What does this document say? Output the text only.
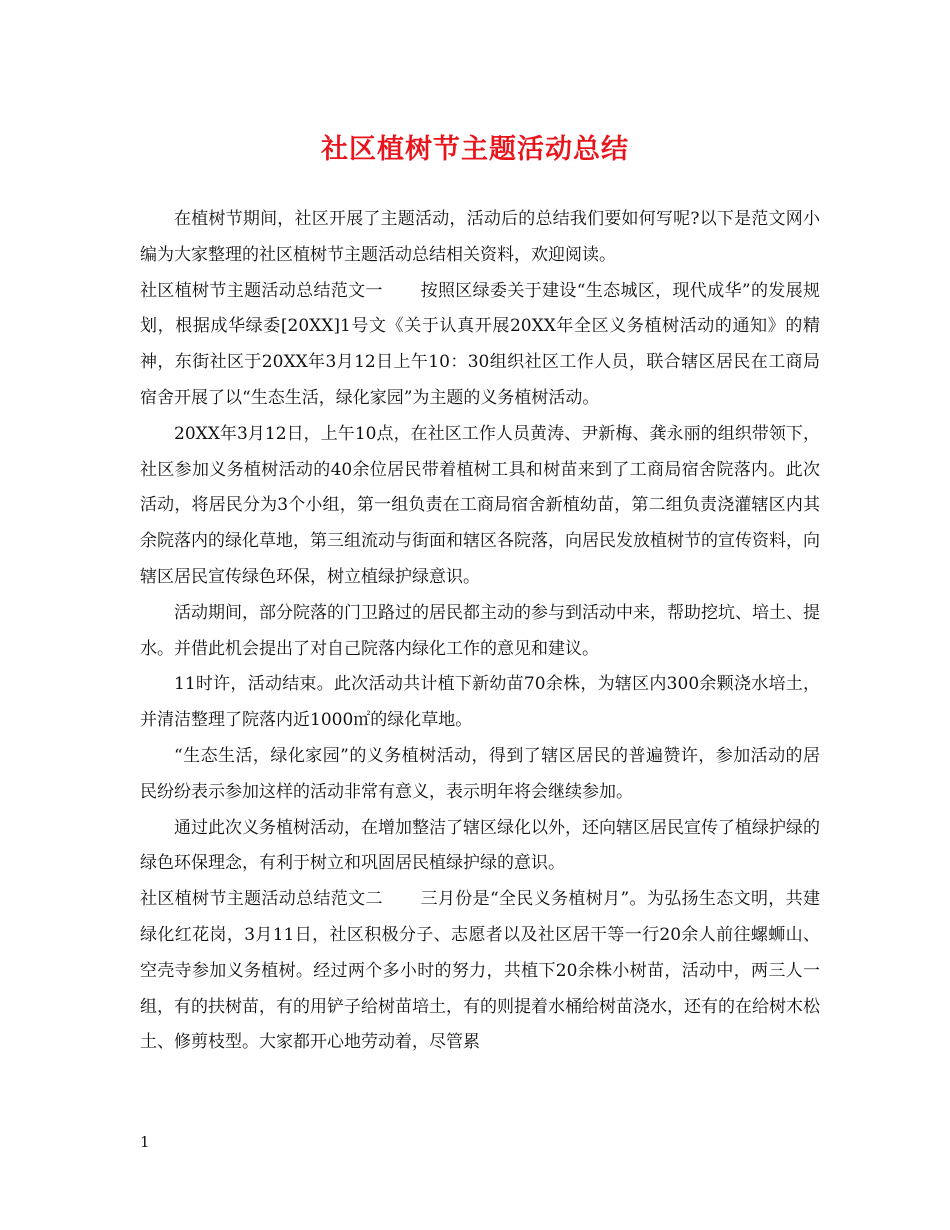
社区植树节主题活动总结

在植树节期间，社区开展了主题活动，活动后的总结我们要如何写呢?以下是范文网小编为大家整理的社区植树节主题活动总结相关资料，欢迎阅读。

社区植树节主题活动总结范文一 按照区绿委关于建设“生态城区，现代成华”的发展规划，根据成华绿委[20XX]1号文《关于认真开展20XX年全区义务植树活动的通知》的精神，东街社区于20XX年3月12日上午10：30组织社区工作人员，联合辖区居民在工商局宿舍开展了以“生态生活，绿化家园”为主题的义务植树活动。

20XX年3月12日，上午10点，在社区工作人员黄涛、尹新梅、龚永丽的组织带领下，社区参加义务植树活动的40余位居民带着植树工具和树苗来到了工商局宿舍院落内。此次活动，将居民分为3个小组，第一组负责在工商局宿舍新植幼苗，第二组负责浇灌辖区内其余院落内的绿化草地，第三组流动与街面和辖区各院落，向居民发放植树节的宣传资料，向辖区居民宣传绿色环保，树立植绿护绿意识。

活动期间，部分院落的门卫路过的居民都主动的参与到活动中来，帮助挖坑、培土、提水。并借此机会提出了对自己院落内绿化工作的意见和建议。

11时许，活动结束。此次活动共计植下新幼苗70余株，为辖区内300余颗浇水培土，并清洁整理了院落内近1000㎡的绿化草地。

“生态生活，绿化家园”的义务植树活动，得到了辖区居民的普遍赞许，参加活动的居民纷纷表示参加这样的活动非常有意义，表示明年将会继续参加。

通过此次义务植树活动，在增加整洁了辖区绿化以外，还向辖区居民宣传了植绿护绿的绿色环保理念，有利于树立和巩固居民植绿护绿的意识。

社区植树节主题活动总结范文二 三月份是“全民义务植树月”。为弘扬生态文明，共建绿化红花岗，3月11日，社区积极分子、志愿者以及社区居干等一行20余人前往螺蛳山、空壳寺参加义务植树。经过两个多小时的努力，共植下20余株小树苗，活动中，两三人一组，有的扶树苗，有的用铲子给树苗培土，有的则提着水桶给树苗浇水，还有的在给树木松土、修剪枝型。大家都开心地劳动着，尽管累

1
